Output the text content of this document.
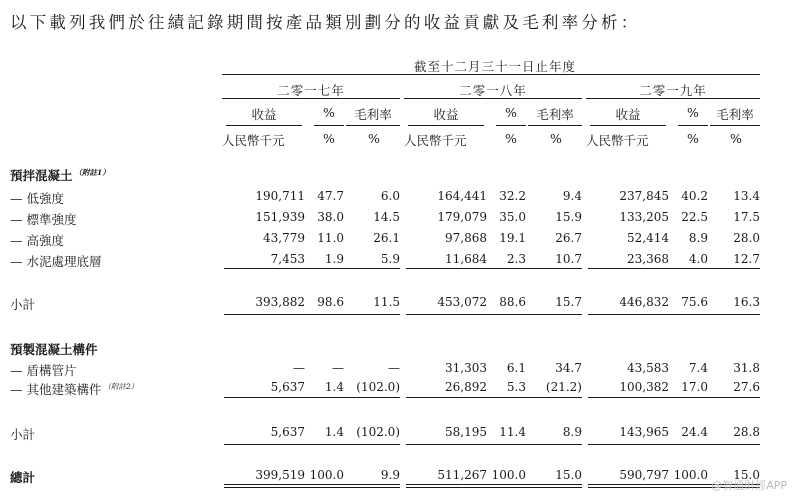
以下載列我們於往績記錄期間按產品類別劃分的收益貢獻及毛利率分析：
截至十二月三十一日止年度
二零一七年	二零一八年	二零一九年
收益	%	毛利率	收益	%	毛利率	收益	%	毛利率
人民幣千元	%	%	人民幣千元	%	%	人民幣千元	%	%
預拌混凝土 $^{(附註1)}$
— 低強度	190,711	47.7	6.0	164,441	32.2	9.4	237,845	40.2	13.4
— 標準強度	151,939	38.0	14.5	179,079	35.0	15.9	133,205	22.5	17.5
— 高強度	43,779	11.0	26.1	97,868	19.1	26.7	52,414	8.9	28.0
— 水泥處理底層	7,453	1.9	5.9	11,684	2.3	10.7	23,368	4.0	12.7
小計	393,882	98.6	11.5	453,072	88.6	15.7	446,832	75.6	16.3
預製混凝土構件
— 盾構管片	—	—	—	31,303	6.1	34.7	43,583	7.4	31.8
— 其他建築構件 $^{(附註2)}$	5,637	1.4	(102.0)	26,892	5.3	(21.2)	100,382	17.0	27.6
小計	5,637	1.4	(102.0)	58,195	11.4	8.9	143,965	24.4	28.8
總計	399,519 100.0	9.9	511,267 100.0	15.0	590,797 100.0	15.0
@智通財經APP
